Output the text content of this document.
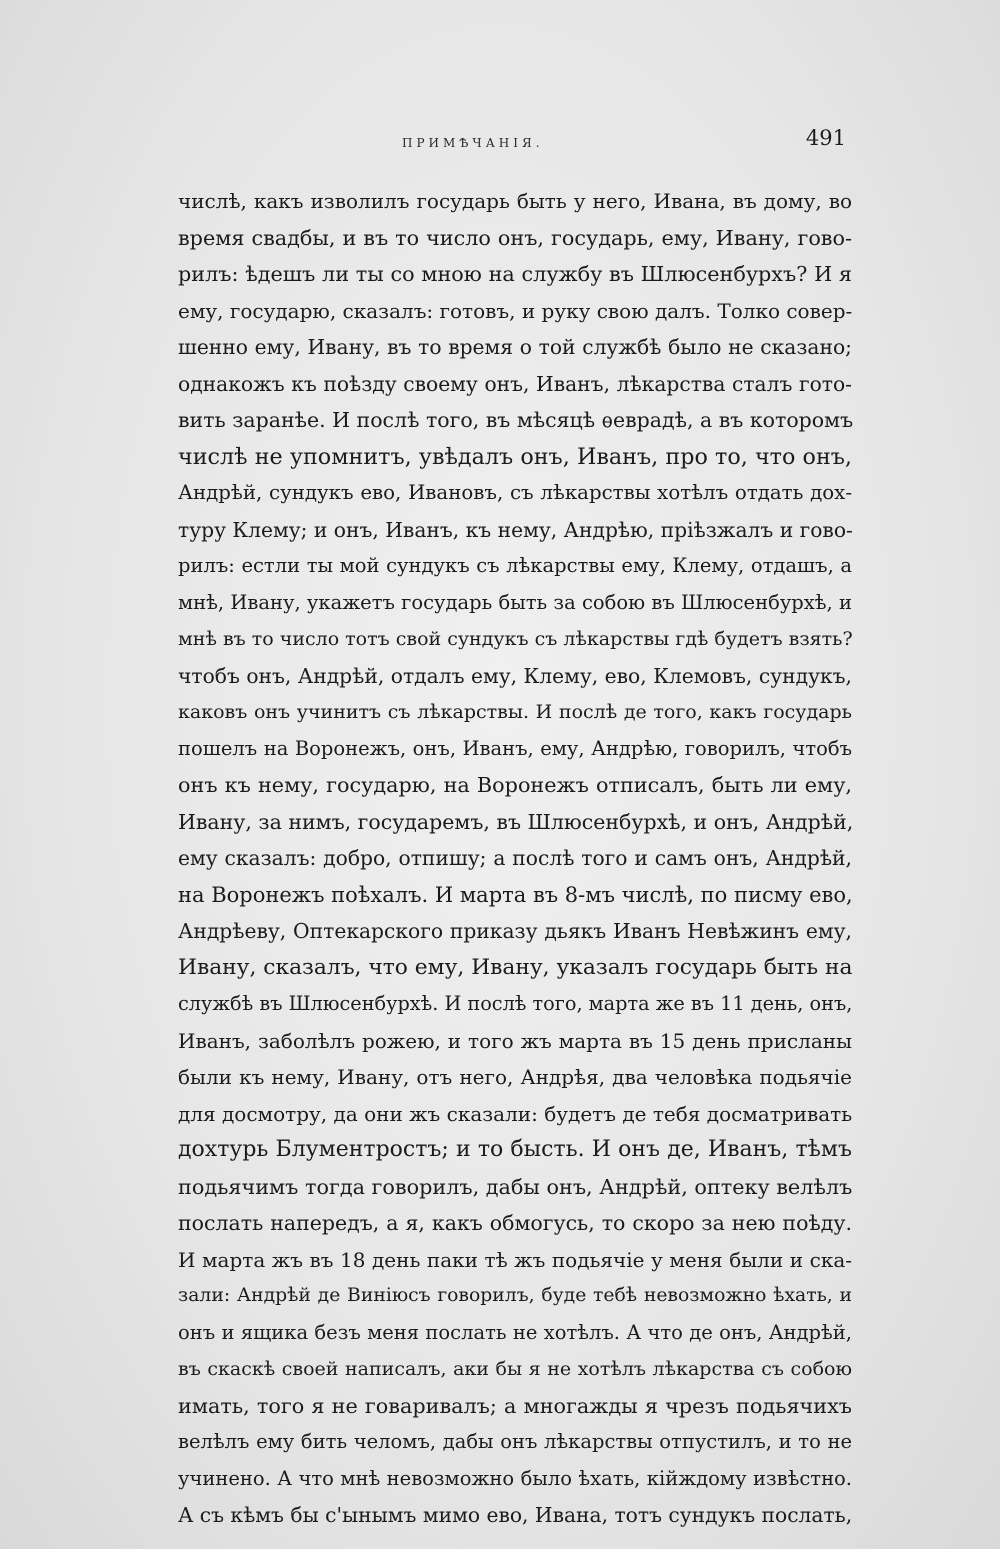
ПРИМѢЧАНІЯ.	491
числѣ, какъ изволилъ государь быть у него, Ивана, въ дому, во
время свадбы, и въ то число онъ, государь, ему, Ивану, гово-
рилъ: ѣдешъ ли ты со мною на службу въ Шлюсенбурхъ? И я
ему, государю, сказалъ: готовъ, и руку свою далъ. Толко совер-
шенно ему, Ивану, въ то время о той службѣ было не сказано;
однакожъ къ поѣзду своему онъ, Иванъ, лѣкарства сталъ гото-
вить заранѣе. И послѣ того, въ мѣсяцѣ ѳеврадѣ, а въ которомъ
числѣ не упомнитъ, увѣдалъ онъ, Иванъ, про то, что онъ,
Андрѣй, сундукъ ево, Ивановъ, съ лѣкарствы хотѣлъ отдать дох-
туру Клему; и онъ, Иванъ, къ нему, Андрѣю, пріѣзжалъ и гово-
рилъ: естли ты мой сундукъ съ лѣкарствы ему, Клему, отдашъ, а
мнѣ, Ивану, укажетъ государь быть за собою въ Шлюсенбурхѣ, и
мнѣ въ то число тотъ свой сундукъ съ лѣкарствы гдѣ будетъ взять?
чтобъ онъ, Андрѣй, отдалъ ему, Клему, ево, Клемовъ, сундукъ,
каковъ онъ учинитъ съ лѣкарствы. И послѣ де того, какъ государь
пошелъ на Воронежъ, онъ, Иванъ, ему, Андрѣю, говорилъ, чтобъ
онъ къ нему, государю, на Воронежъ отписалъ, быть ли ему,
Ивану, за нимъ, государемъ, въ Шлюсенбурхѣ, и онъ, Андрѣй,
ему сказалъ: добро, отпишу; а послѣ того и самъ онъ, Андрѣй,
на Воронежъ поѣхалъ. И марта въ 8-мъ числѣ, по писму ево,
Андрѣеву, Оптекарского приказу дьякъ Иванъ Невѣжинъ ему,
Ивану, сказалъ, что ему, Ивану, указалъ государь быть на
службѣ въ Шлюсенбурхѣ. И послѣ того, марта же въ 11 день, онъ,
Иванъ, заболѣлъ рожею, и того жъ марта въ 15 день присланы
были къ нему, Ивану, отъ него, Андрѣя, два человѣка подьячіе
для досмотру, да они жъ сказали: будетъ де тебя досматривать
дохтурь Блументростъ; и то бысть. И онъ де, Иванъ, тѣмъ
подьячимъ тогда говорилъ, дабы онъ, Андрѣй, оптеку велѣлъ
послать напередъ, а я, какъ обмогусь, то скоро за нею поѣду.
И марта жъ въ 18 день паки тѣ жъ подьячіе у меня были и ска-
зали: Андрѣй де Виніюсъ говорилъ, буде тебѣ невозможно ѣхать, и
онъ и ящика безъ меня послать не хотѣлъ. А что де онъ, Андрѣй,
въ скаскѣ своей написалъ, аки бы я не хотѣлъ лѣкарства съ собою
имать, того я не говаривалъ; а многажды я чрезъ подьячихъ
велѣлъ ему бить челомъ, дабы онъ лѣкарствы отпустилъ, и то не
учинено. А что мнѣ невозможно было ѣхать, кійждому извѣстно.
А съ кѣмъ бы с'ынымъ мимо ево, Ивана, тотъ сундукъ послать,
